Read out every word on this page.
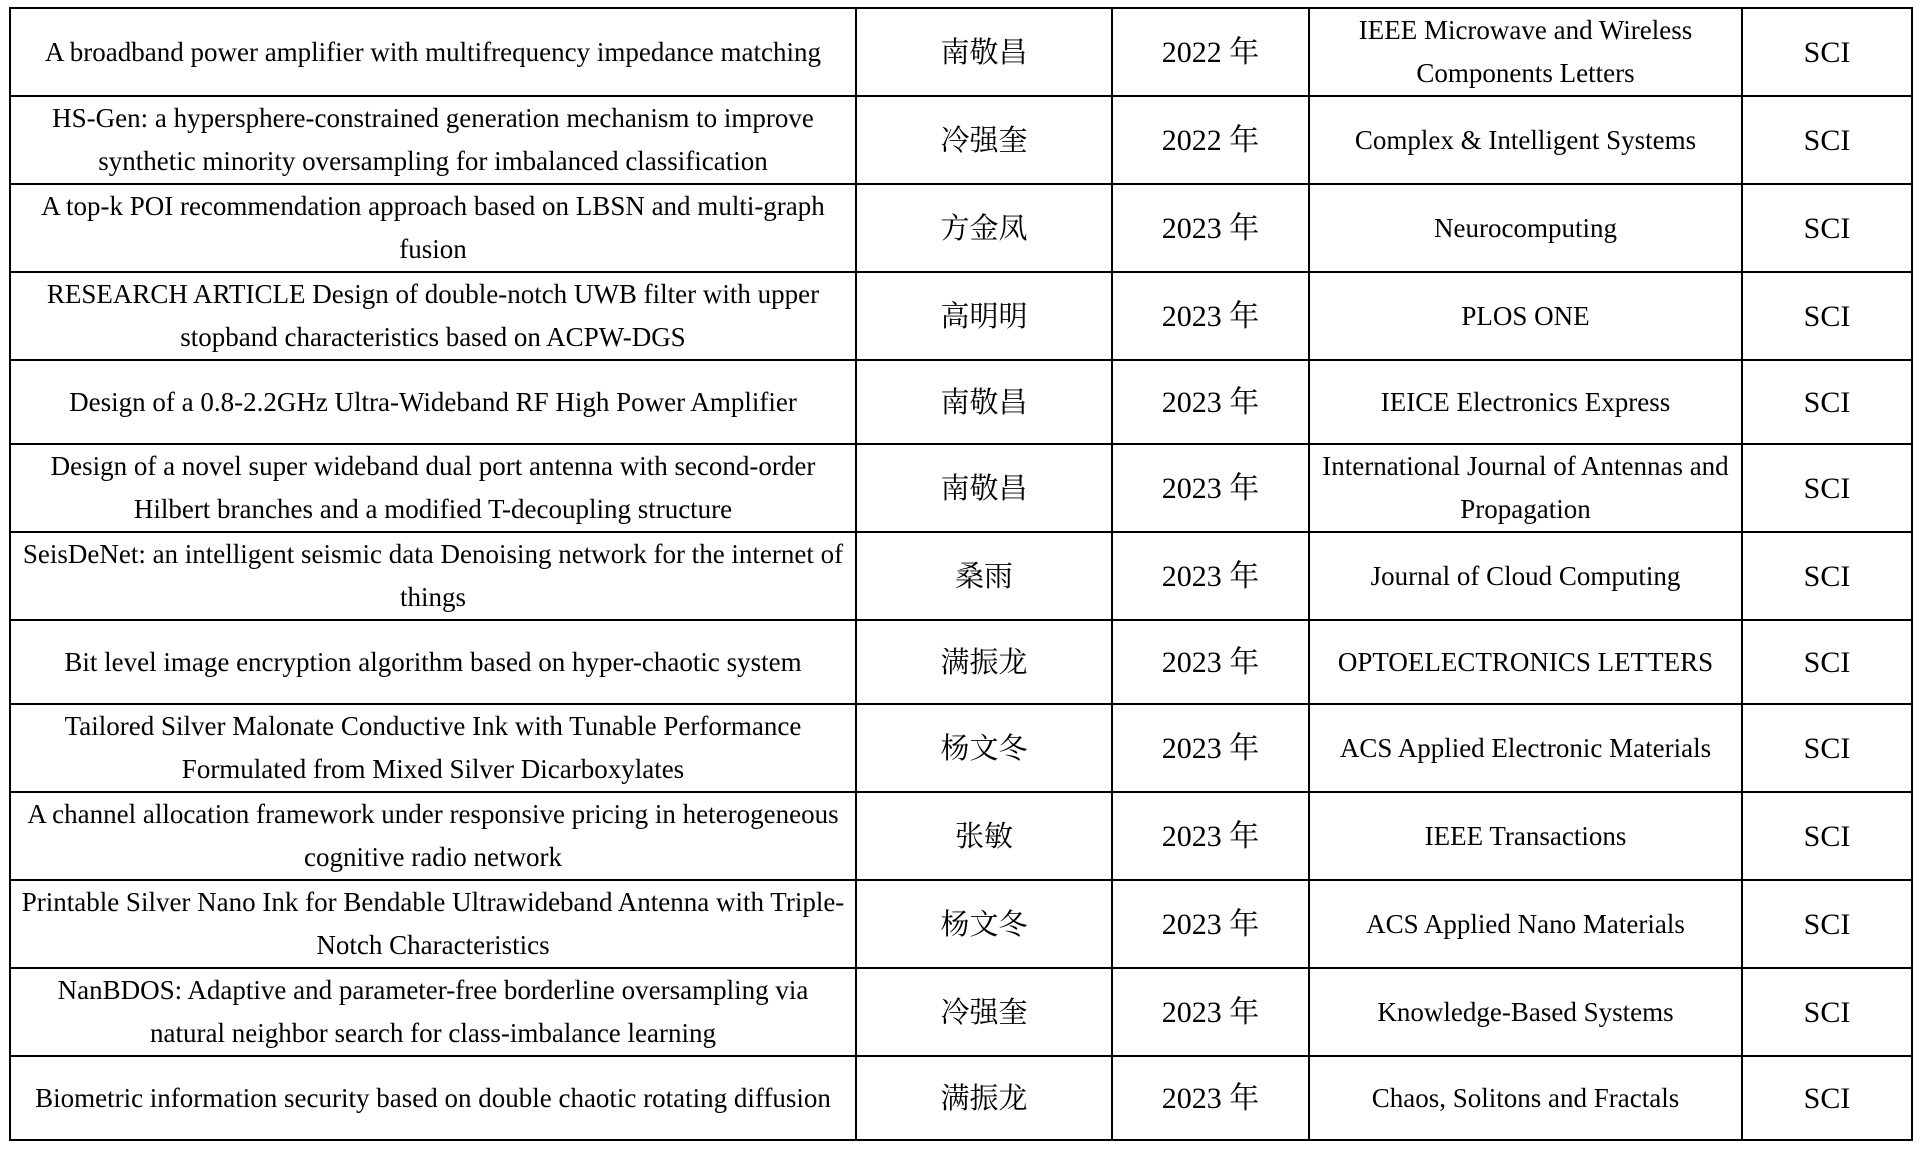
A broadband power amplifier with multifrequency impedance matching	南敬昌	2022 年	IEEE Microwave and Wireless Components Letters	SCI
HS-Gen: a hypersphere-constrained generation mechanism to improve synthetic minority oversampling for imbalanced classification	冷强奎	2022 年	Complex & Intelligent Systems	SCI
A top-k POI recommendation approach based on LBSN and multi-graph fusion	方金凤	2023 年	Neurocomputing	SCI
RESEARCH ARTICLE Design of double-notch UWB filter with upper stopband characteristics based on ACPW-DGS	高明明	2023 年	PLOS ONE	SCI
Design of a 0.8-2.2GHz Ultra-Wideband RF High Power Amplifier	南敬昌	2023 年	IEICE Electronics Express	SCI
Design of a novel super wideband dual port antenna with second-order Hilbert branches and a modified T-decoupling structure	南敬昌	2023 年	International Journal of Antennas and Propagation	SCI
SeisDeNet: an intelligent seismic data Denoising network for the internet of things	桑雨	2023 年	Journal of Cloud Computing	SCI
Bit level image encryption algorithm based on hyper-chaotic system	满振龙	2023 年	OPTOELECTRONICS LETTERS	SCI
Tailored Silver Malonate Conductive Ink with Tunable Performance Formulated from Mixed Silver Dicarboxylates	杨文冬	2023 年	ACS Applied Electronic Materials	SCI
A channel allocation framework under responsive pricing in heterogeneous cognitive radio network	张敏	2023 年	IEEE Transactions	SCI
Printable Silver Nano Ink for Bendable Ultrawideband Antenna with Triple-Notch Characteristics	杨文冬	2023 年	ACS Applied Nano Materials	SCI
NanBDOS: Adaptive and parameter-free borderline oversampling via natural neighbor search for class-imbalance learning	冷强奎	2023 年	Knowledge-Based Systems	SCI
Biometric information security based on double chaotic rotating diffusion	满振龙	2023 年	Chaos, Solitons and Fractals	SCI
